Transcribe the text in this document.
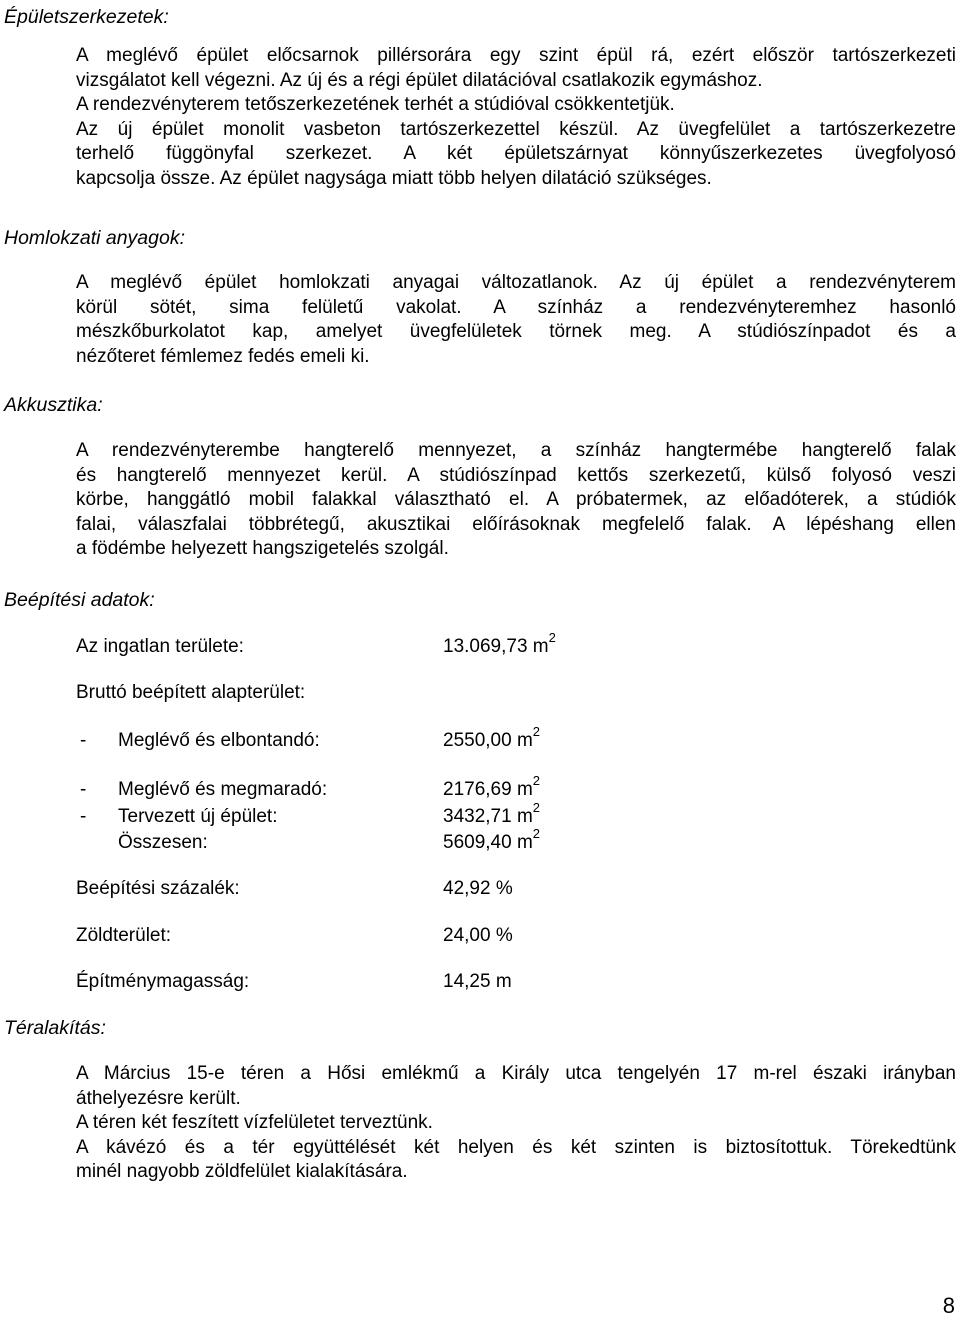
Épületszerkezetek:
A meglévő épület előcsarnok pillérsorára egy szint épül rá, ezért először tartószerkezeti
vizsgálatot kell végezni. Az új és a régi épület dilatációval csatlakozik egymáshoz.
A rendezvényterem tetőszerkezetének terhét a stúdióval csökkentetjük.
Az új épület monolit vasbeton tartószerkezettel készül. Az üvegfelület a tartószerkezetre
terhelő függönyfal szerkezet. A két épületszárnyat könnyűszerkezetes üvegfolyosó
kapcsolja össze. Az épület nagysága miatt több helyen dilatáció szükséges.
Homlokzati anyagok:
A meglévő épület homlokzati anyagai változatlanok. Az új épület a rendezvényterem
körül sötét, sima felületű vakolat. A színház a rendezvényteremhez hasonló
mészkőburkolatot kap, amelyet üvegfelületek törnek meg. A stúdiószínpadot és a
nézőteret fémlemez fedés emeli ki.
Akkusztika:
A rendezvényterembe hangterelő mennyezet, a színház hangtermébe hangterelő falak
és hangterelő mennyezet kerül. A stúdiószínpad kettős szerkezetű, külső folyosó veszi
körbe, hanggátló mobil falakkal választható el. A próbatermek, az előadóterek, a stúdiók
falai, válaszfalai többrétegű, akusztikai előírásoknak megfelelő falak. A lépéshang ellen
a födémbe helyezett hangszigetelés szolgál.
Beépítési adatok:
Az ingatlan területe:	13.069,73 $m^2$
Bruttó beépített alapterület:
- Meglévő és elbontandó:	2550,00 $m^2$
- Meglévő és megmaradó:	2176,69 $m^2$
- Tervezett új épület:	3432,71 $m^2$
Összesen:	5609,40 $m^2$
Beépítési százalék:	42,92 %
Zöldterület:	24,00 %
Építménymagasság:	14,25 m
Téralakítás:
A Március 15-e téren a Hősi emlékmű a Király utca tengelyén 17 m-rel északi irányban
áthelyezésre került.
A téren két feszített vízfelületet terveztünk.
A kávézó és a tér együttélését két helyen és két szinten is biztosítottuk. Törekedtünk
minél nagyobb zöldfelület kialakítására.
8
